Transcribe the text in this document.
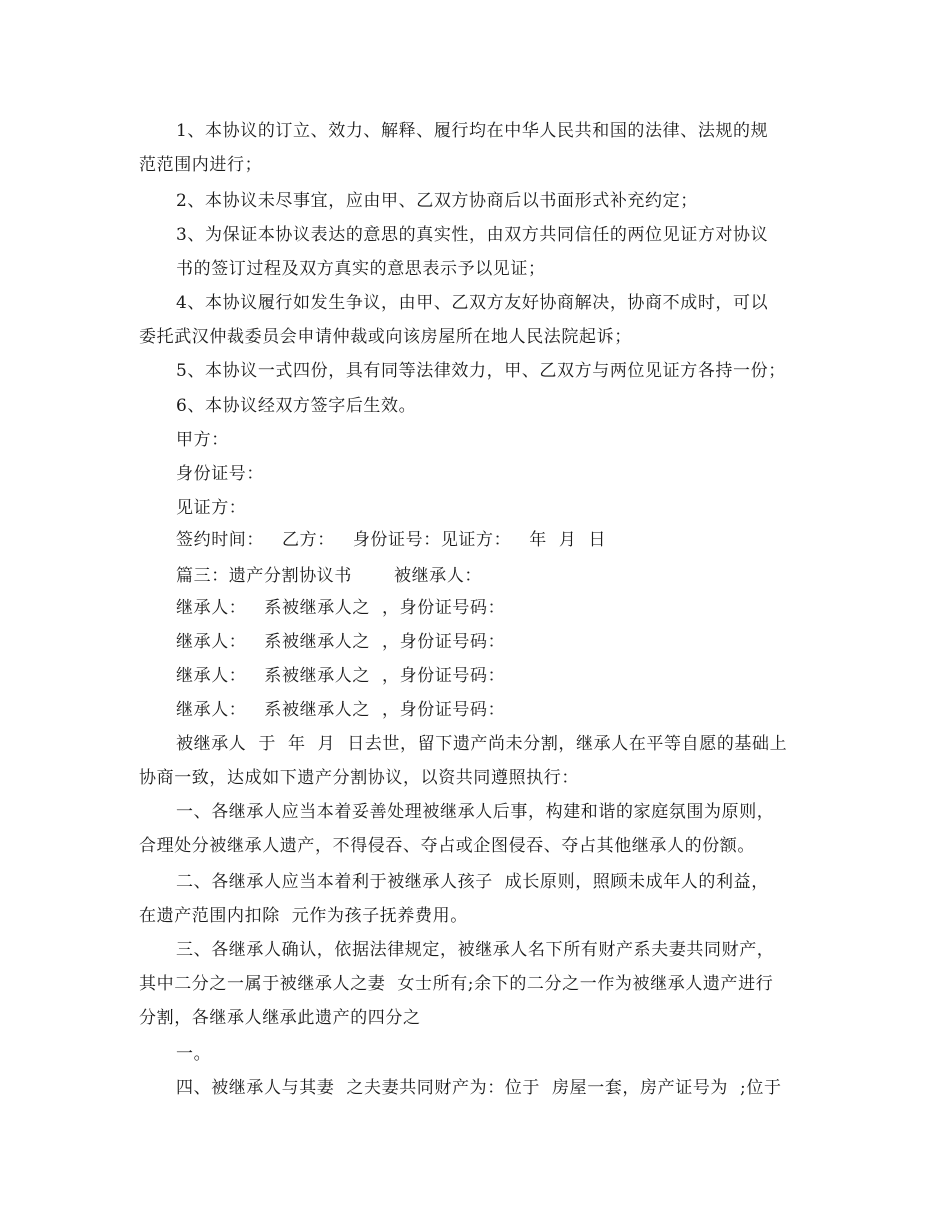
1、本协议的订立、效力、解释、履行均在中华人民共和国的法律、法规的规
范范围内进行；
2、本协议未尽事宜，应由甲、乙双方协商后以书面形式补充约定；
3、为保证本协议表达的意思的真实性，由双方共同信任的两位见证方对协议
书的签订过程及双方真实的意思表示予以见证；
4、本协议履行如发生争议，由甲、乙双方友好协商解决，协商不成时，可以
委托武汉仲裁委员会申请仲裁或向该房屋所在地人民法院起诉；
5、本协议一式四份，具有同等法律效力，甲、乙双方与两位见证方各持一份；
6、本协议经双方签字后生效。
甲方：
身份证号：
见证方：
签约时间：   乙方：   身份证号：见证方：   年  月  日
篇三：遗产分割协议书       被继承人：
继承人：   系被继承人之  ，身份证号码：
继承人：   系被继承人之  ，身份证号码：
继承人：   系被继承人之  ，身份证号码：
继承人：   系被继承人之  ，身份证号码：
被继承人  于  年  月  日去世，留下遗产尚未分割，继承人在平等自愿的基础上
协商一致，达成如下遗产分割协议，以资共同遵照执行：
一、各继承人应当本着妥善处理被继承人后事，构建和谐的家庭氛围为原则，
合理处分被继承人遗产，不得侵吞、夺占或企图侵吞、夺占其他继承人的份额。
二、各继承人应当本着利于被继承人孩子  成长原则，照顾未成年人的利益，
在遗产范围内扣除  元作为孩子抚养费用。
三、各继承人确认，依据法律规定，被继承人名下所有财产系夫妻共同财产，
其中二分之一属于被继承人之妻  女士所有;余下的二分之一作为被继承人遗产进行
分割，各继承人继承此遗产的四分之
一。
四、被继承人与其妻  之夫妻共同财产为：位于  房屋一套，房产证号为  ;位于
